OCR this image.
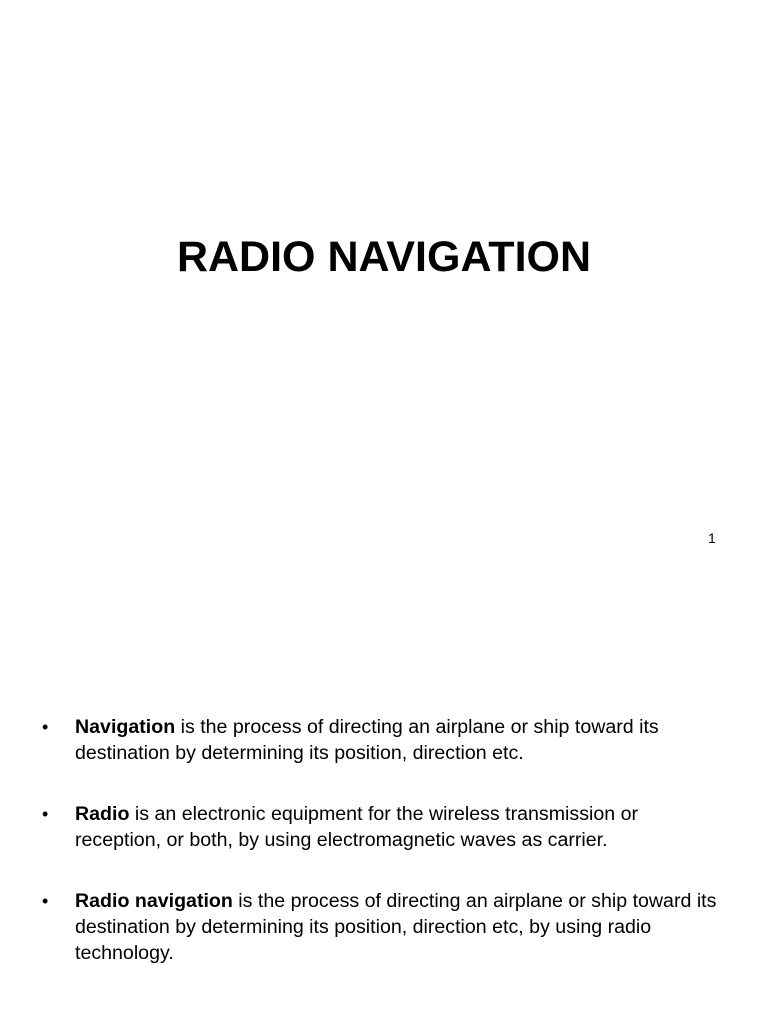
RADIO NAVIGATION
1
• Navigation is the process of directing an airplane or ship toward its destination by determining its position, direction etc.
• Radio is an electronic equipment for the wireless transmission or reception, or both, by using electromagnetic waves as carrier.
• Radio navigation is the process of directing an airplane or ship toward its destination by determining its position, direction etc, by using radio technology.
